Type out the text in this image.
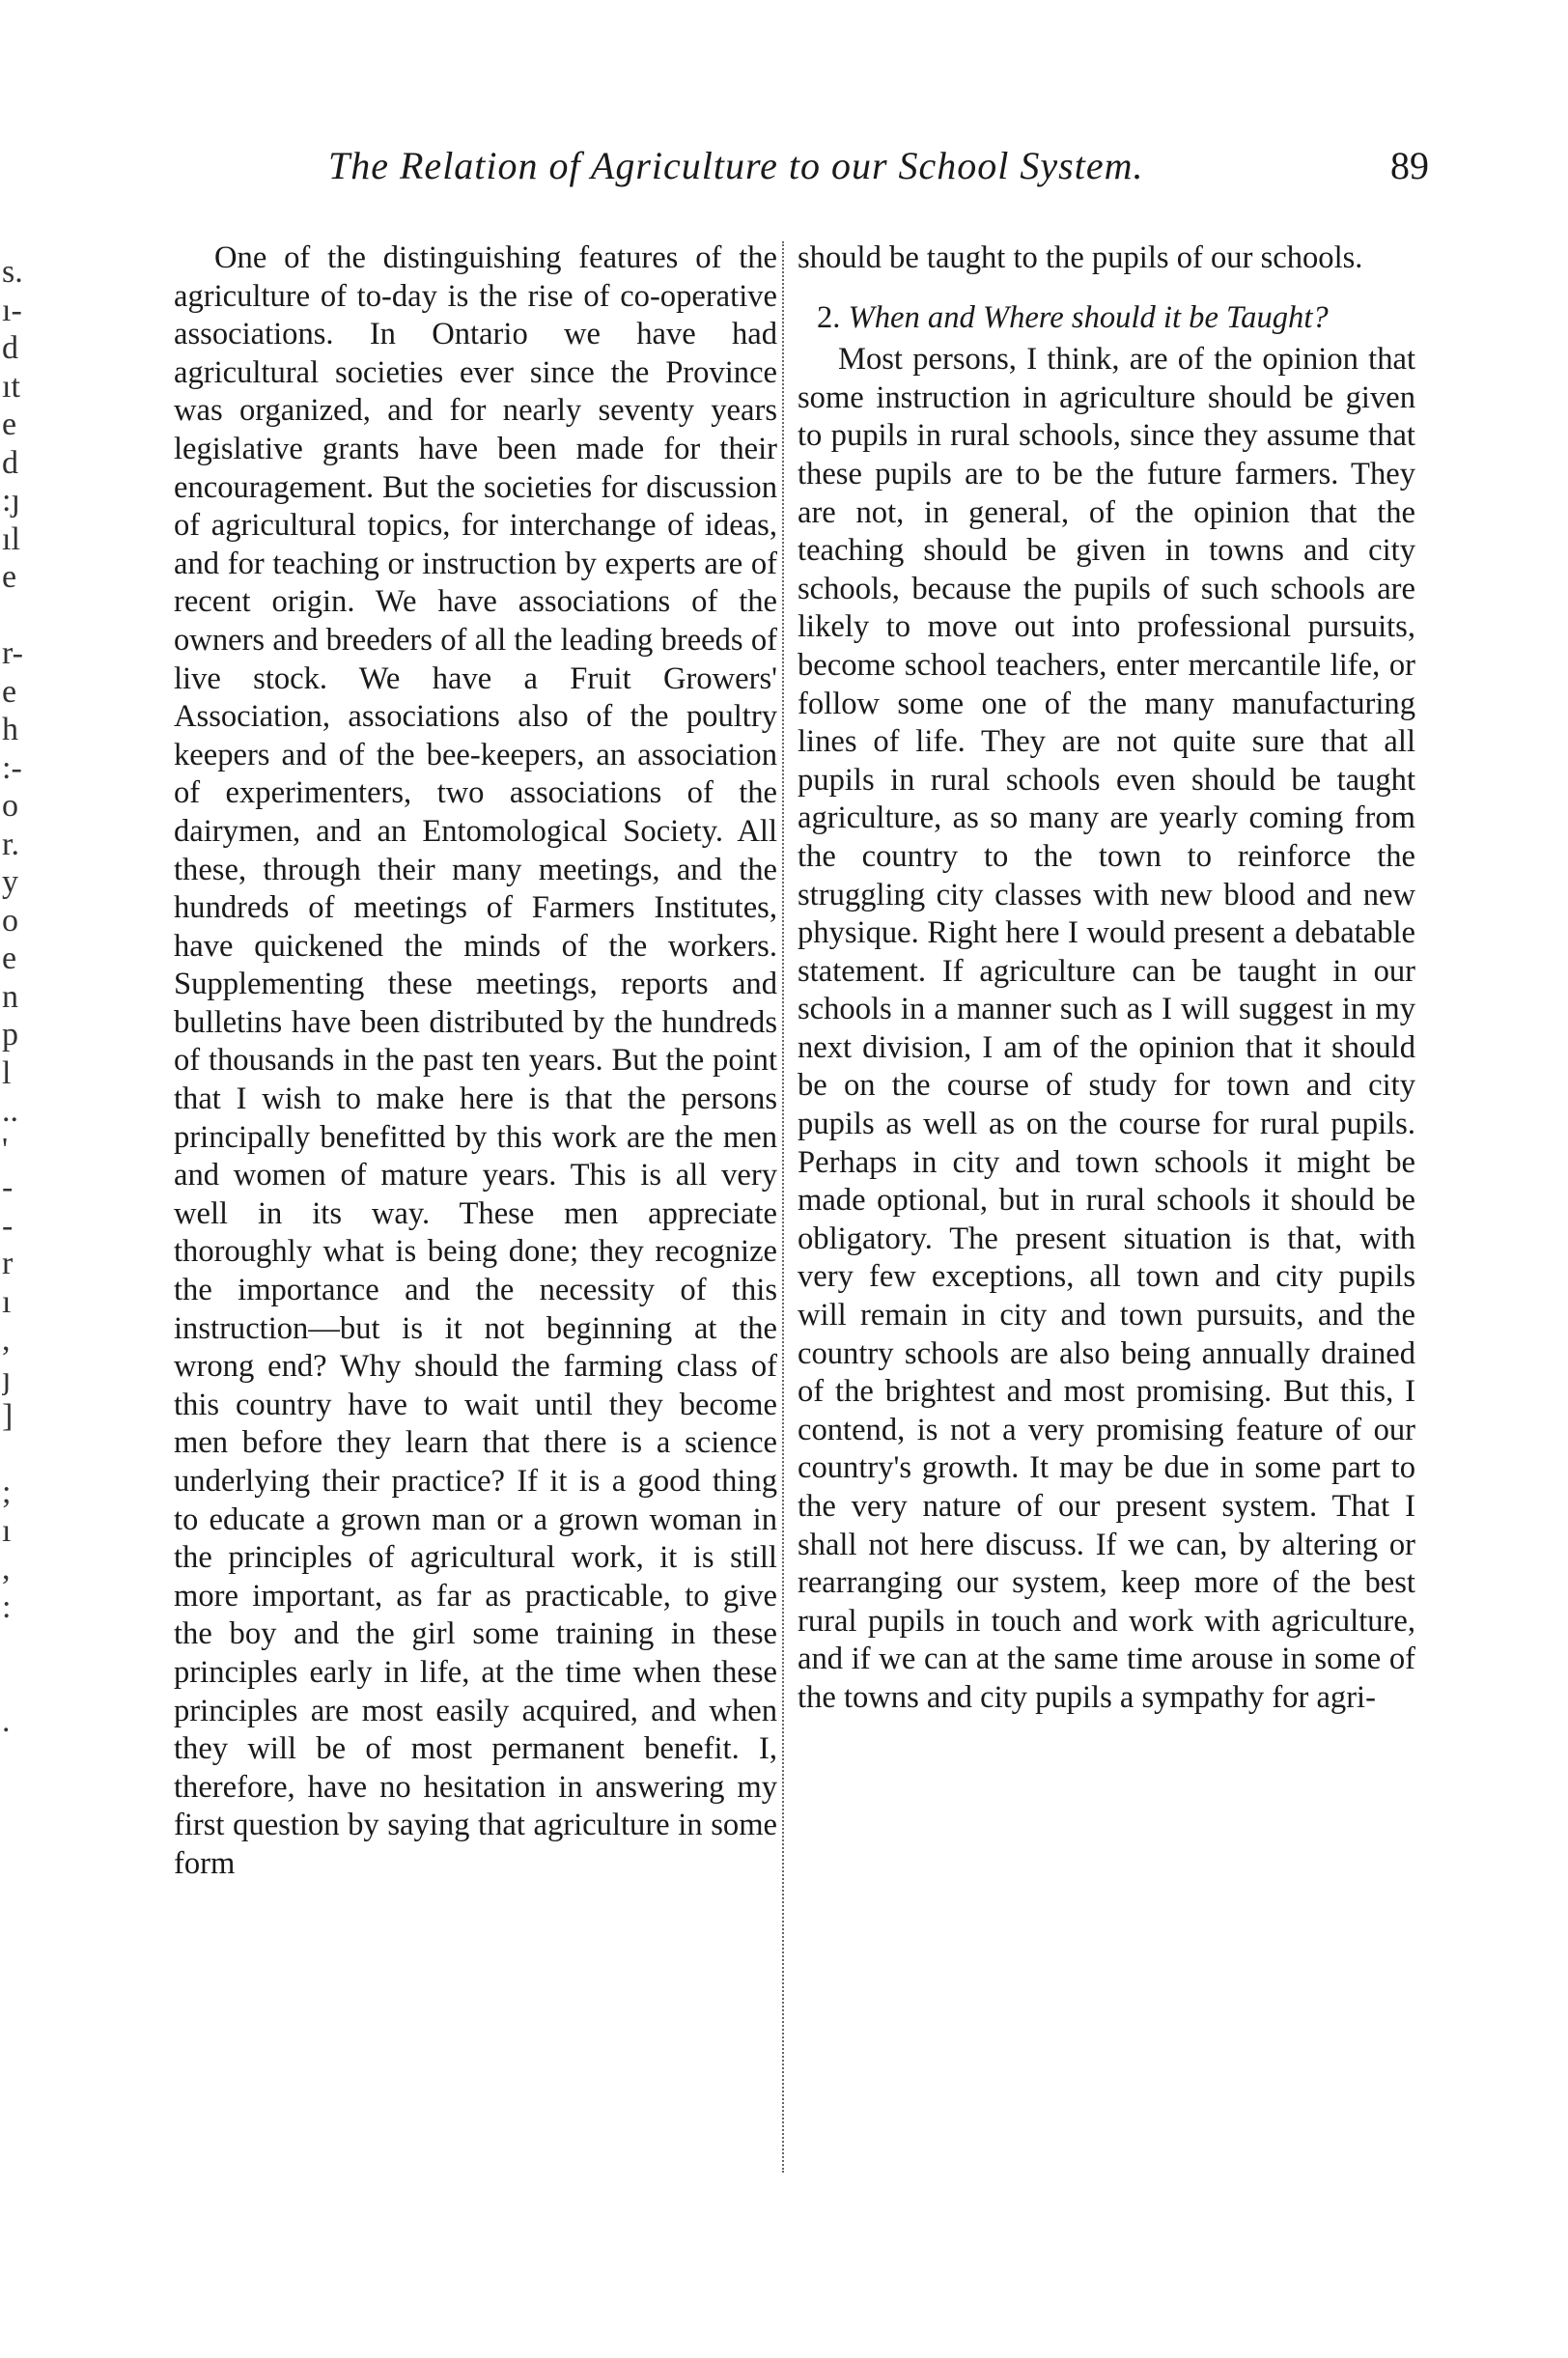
The Relation of Agriculture to our School System.	89
s.
ı-
d
ıt
e
d
:ȷ
ıl
e
r-
e
h
:-
o
r.
y
o
e
n
p
l
..
'
-
-
r
ı
,
ȷ
]
;
ı
,
:
.

One of the distinguishing features of the agriculture of to-day is the rise of co-operative associations. In Ontario we have had agricultural societies ever since the Province was organized, and for nearly seventy years legislative grants have been made for their encouragement. But the societies for discussion of agricultural topics, for interchange of ideas, and for teaching or instruction by experts are of recent origin. We have associations of the owners and breeders of all the leading breeds of live stock. We have a Fruit Growers' Association, associations also of the poultry keepers and of the bee-keepers, an association of experimenters, two associations of the dairymen, and an Entomological Society. All these, through their many meetings, and the hundreds of meetings of Farmers Institutes, have quickened the minds of the workers. Supplementing these meetings, reports and bulletins have been distributed by the hundreds of thousands in the past ten years. But the point that I wish to make here is that the persons principally benefitted by this work are the men and women of mature years. This is all very well in its way. These men appreciate thoroughly what is being done; they recognize the importance and the necessity of this instruction—but is it not beginning at the wrong end? Why should the farming class of this country have to wait until they become men before they learn that there is a science underlying their practice? If it is a good thing to educate a grown man or a grown woman in the principles of agricultural work, it is still more important, as far as practicable, to give the boy and the girl some training in these principles early in life, at the time when these principles are most easily acquired, and when they will be of most permanent benefit. I, therefore, have no hesitation in answering my first question by saying that agriculture in some form

should be taught to the pupils of our schools.

2. When and Where should it be Taught?

Most persons, I think, are of the opinion that some instruction in agriculture should be given to pupils in rural schools, since they assume that these pupils are to be the future farmers. They are not, in general, of the opinion that the teaching should be given in towns and city schools, because the pupils of such schools are likely to move out into professional pursuits, become school teachers, enter mercantile life, or follow some one of the many manufacturing lines of life. They are not quite sure that all pupils in rural schools even should be taught agriculture, as so many are yearly coming from the country to the town to reinforce the struggling city classes with new blood and new physique. Right here I would present a debatable statement. If agriculture can be taught in our schools in a manner such as I will suggest in my next division, I am of the opinion that it should be on the course of study for town and city pupils as well as on the course for rural pupils. Perhaps in city and town schools it might be made optional, but in rural schools it should be obligatory. The present situation is that, with very few exceptions, all town and city pupils will remain in city and town pursuits, and the country schools are also being annually drained of the brightest and most promising. But this, I contend, is not a very promising feature of our country's growth. It may be due in some part to the very nature of our present system. That I shall not here discuss. If we can, by altering or rearranging our system, keep more of the best rural pupils in touch and work with agriculture, and if we can at the same time arouse in some of the towns and city pupils a sympathy for agri-
